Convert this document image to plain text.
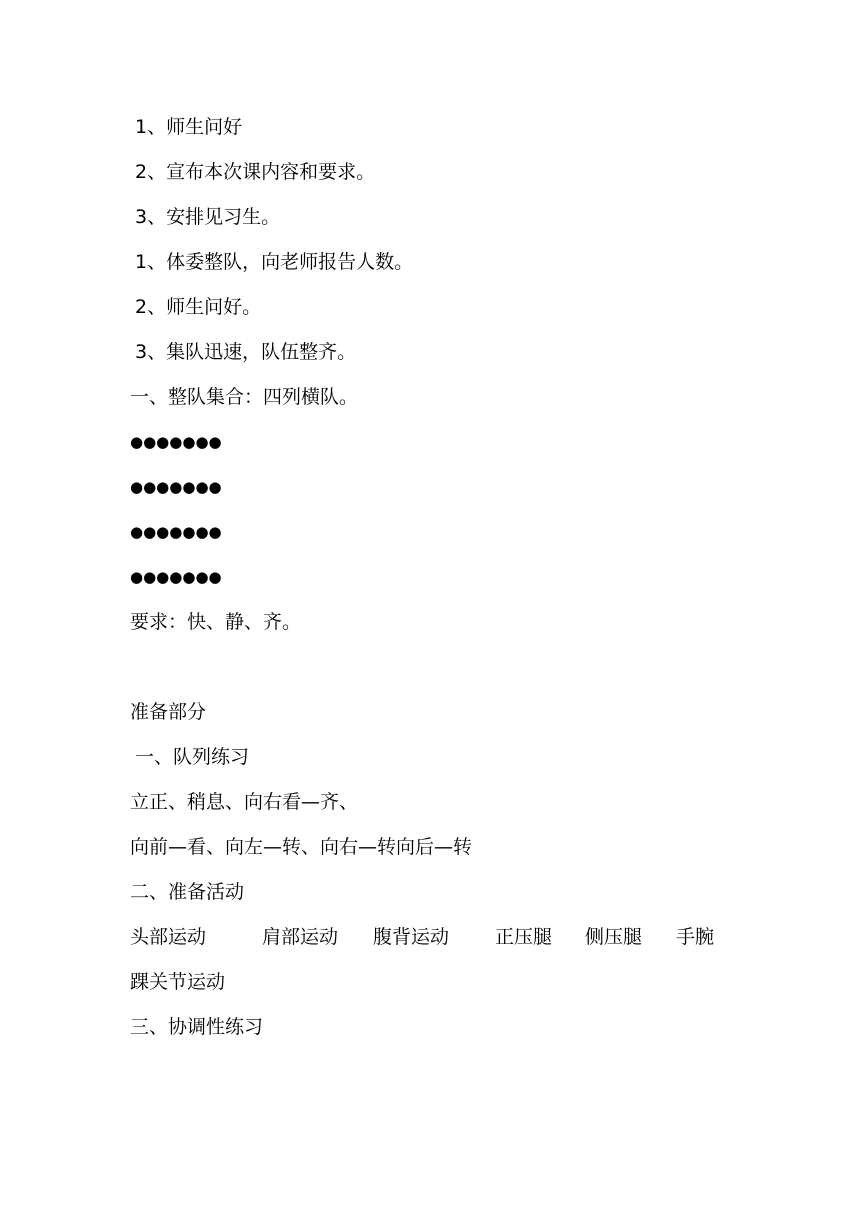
1、师生问好
2、宣布本次课内容和要求。
3、安排见习生。
1、体委整队，向老师报告人数。
2、师生问好。
3、集队迅速，队伍整齐。
一、整队集合：四列横队。
●●●●●●●
●●●●●●●
●●●●●●●
●●●●●●●
要求：快、静、齐。
准备部分
一、队列练习
立正、稍息、向右看—齐、
向前—看、向左—转、向右—转向后—转
二、准备活动
头部运动	肩部运动 腹背运动 正压腿 侧压腿 手腕
踝关节运动
三、协调性练习
